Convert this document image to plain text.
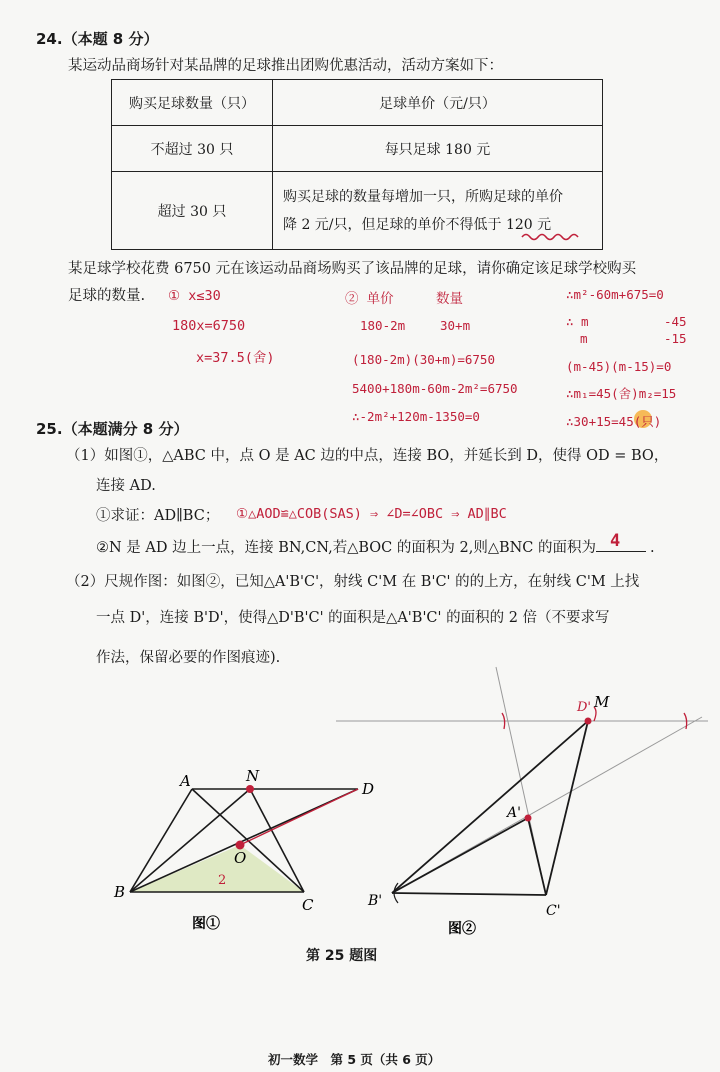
24.（本题 8 分）
某运动品商场针对某品牌的足球推出团购优惠活动，活动方案如下：
购买足球数量（只）	足球单价（元/只）
不超过 30 只	每只足球 180 元
超过 30 只	购买足球的数量每增加一只，所购足球的单价
降 2 元/只，但足球的单价不得低于 120 元
某足球学校花费 6750 元在该运动品商场购买了该品牌的足球，请你确定该足球学校购买
足球的数量. ① x≤30
180x=6750
x=37.5(舍)
② 单价	数量
180-2m	30+m
(180-2m)(30+m)=6750
5400+180m-60m-2m²=6750
∴-2m²+120m-1350=0
∴m²-60m+675=0
∴ m	-45
m	-15
(m-45)(m-15)=0
∴m₁=45(舍)m₂=15
∴30+15=45(只)
25.（本题满分 8 分）
（1）如图①，△ABC 中，点 O 是 AC 边的中点，连接 BO，并延长到 D，使得 OD = BO，
连接 AD.
①求证：AD∥BC； ①△AOD≌△COB(SAS) ⇒ ∠D=∠OBC ⇒ AD∥BC
②N 是 AD 边上一点，连接 BN,CN,若△BOC 的面积为 2,则△BNC 的面积为 4 .
（2）尺规作图：如图②，已知△A'B'C'，射线 C'M 在 B'C' 的的上方，在射线 C'M 上找
一点 D'，连接 B'D'，使得△D'B'C' 的面积是△A'B'C' 的面积的 2 倍（不要求写
作法，保留必要的作图痕迹).
A	N
D
O
B
C
2
图①
M
D'
A'
B'
C'
图②
第 25 题图
初一数学　第 5 页（共 6 页）
